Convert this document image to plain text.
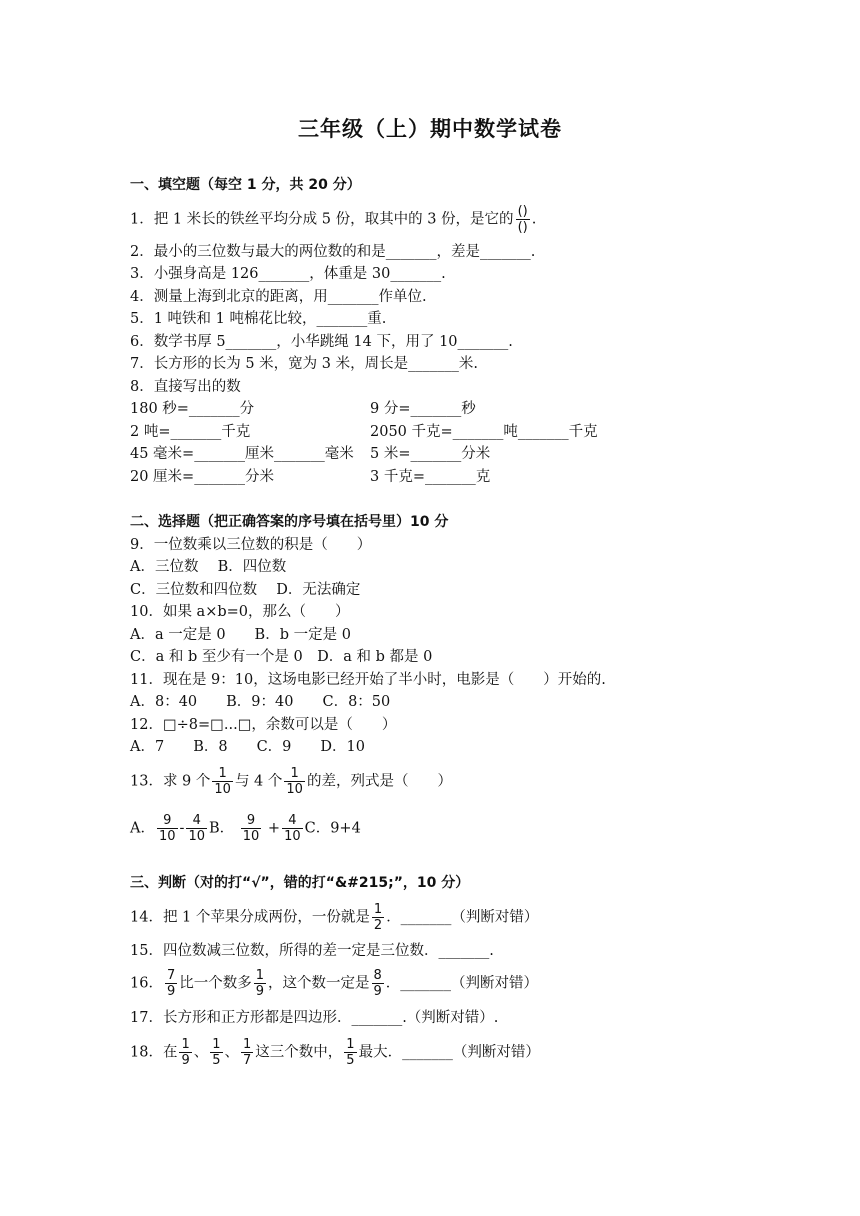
三年级（上）期中数学试卷
一、填空题（每空 1 分，共 20 分）
1．把 1 米长的铁丝平均分成 5 份，取其中的 3 份，是它的 $\frac{()}{()}$ .
2．最小的三位数与最大的两位数的和是_______，差是_______.
3．小强身高是 126_______，体重是 30_______.
4．测量上海到北京的距离，用_______作单位.
5．1 吨铁和 1 吨棉花比较，_______重.
6．数学书厚 5_______，小华跳绳 14 下，用了 10_______.
7．长方形的长为 5 米，宽为 3 米，周长是_______米.
8．直接写出的数
180 秒=_______分	9 分=_______秒
2 吨=_______千克	2050 千克=_______吨_______千克
45 毫米=_______厘米_______毫米 5 米=_______分米
20 厘米=_______分米	3 千克=_______克
二、选择题（把正确答案的序号填在括号里）10 分
9．一位数乘以三位数的积是（　　）
A．三位数　 B．四位数
C．三位数和四位数　 D．无法确定
10．如果 a×b=0，那么（　　）
A．a 一定是 0　　B．b 一定是 0
C．a 和 b 至少有一个是 0　D．a 和 b 都是 0
11．现在是 9：10，这场电影已经开始了半小时，电影是（　　）开始的.
A．8：40　　B．9：40　　C．8：50
12．□÷8=□...□，余数可以是（　　）
A．7　　B．8　　C．9　　D．10
13．求 9 个 $\frac{1}{10}$ 与 4 个 $\frac{1}{10}$ 的差，列式是（　　）
A． $\frac{9}{10} - \frac{4}{10}$ B． $\frac{9}{10} + \frac{4}{10}$ C．9+4
三、判断（对的打“√”，错的打“&#215;”，10 分）
14．把 1 个苹果分成两份，一份就是 $\frac{1}{2}$ ．_______（判断对错）
15．四位数减三位数，所得的差一定是三位数．_______.
16． $\frac{7}{9}$ 比一个数多 $\frac{1}{9}$ ，这个数一定是 $\frac{8}{9}$ ．_______（判断对错）
17．长方形和正方形都是四边形．_______.（判断对错）.
18．在 $\frac{1}{9}$ 、 $\frac{1}{5}$ 、 $\frac{1}{7}$ 这三个数中， $\frac{1}{5}$ 最大．_______（判断对错）
